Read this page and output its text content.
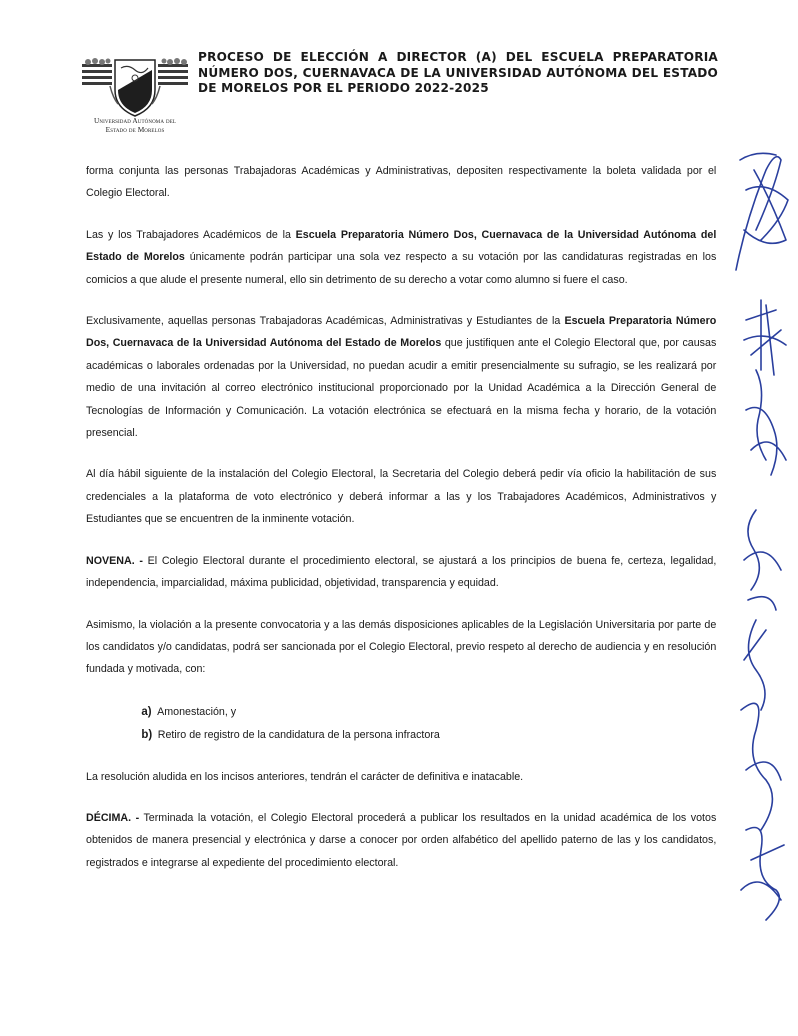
Universidad Autónoma del
Estado de Morelos
PROCESO DE ELECCIÓN A DIRECTOR (A) DEL ESCUELA PREPARATORIA NÚMERO DOS, CUERNAVACA DE LA UNIVERSIDAD AUTÓNOMA DEL ESTADO DE MORELOS POR EL PERIODO 2022-2025

forma conjunta las personas Trabajadoras Académicas y Administrativas, depositen respectivamente la boleta validada por el Colegio Electoral.

Las y los Trabajadores Académicos de la Escuela Preparatoria Número Dos, Cuernavaca de la Universidad Autónoma del Estado de Morelos únicamente podrán participar una sola vez respecto a su votación por las candidaturas registradas en los comicios a que alude el presente numeral, ello sin detrimento de su derecho a votar como alumno si fuere el caso.

Exclusivamente, aquellas personas Trabajadoras Académicas, Administrativas y Estudiantes de la Escuela Preparatoria Número Dos, Cuernavaca de la Universidad Autónoma del Estado de Morelos que justifiquen ante el Colegio Electoral que, por causas académicas o laborales ordenadas por la Universidad, no puedan acudir a emitir presencialmente su sufragio, se les realizará por medio de una invitación al correo electrónico institucional proporcionado por la Unidad Académica a la Dirección General de Tecnologías de Información y Comunicación. La votación electrónica se efectuará en la misma fecha y horario, de la votación presencial.

Al día hábil siguiente de la instalación del Colegio Electoral, la Secretaria del Colegio deberá pedir vía oficio la habilitación de sus credenciales a la plataforma de voto electrónico y deberá informar a las y los Trabajadores Académicos, Administrativos y Estudiantes que se encuentren de la inminente votación.

NOVENA. - El Colegio Electoral durante el procedimiento electoral, se ajustará a los principios de buena fe, certeza, legalidad, independencia, imparcialidad, máxima publicidad, objetividad, transparencia y equidad.

Asimismo, la violación a la presente convocatoria y a las demás disposiciones aplicables de la Legislación Universitaria por parte de los candidatos y/o candidatas, podrá ser sancionada por el Colegio Electoral, previo respeto al derecho de audiencia y en resolución fundada y motivada, con:

a) Amonestación, y
b) Retiro de registro de la candidatura de la persona infractora

La resolución aludida en los incisos anteriores, tendrán el carácter de definitiva e inatacable.

DÉCIMA. - Terminada la votación, el Colegio Electoral procederá a publicar los resultados en la unidad académica de los votos obtenidos de manera presencial y electrónica y darse a conocer por orden alfabético del apellido paterno de las y los candidatos, registrados e integrarse al expediente del procedimiento electoral.
